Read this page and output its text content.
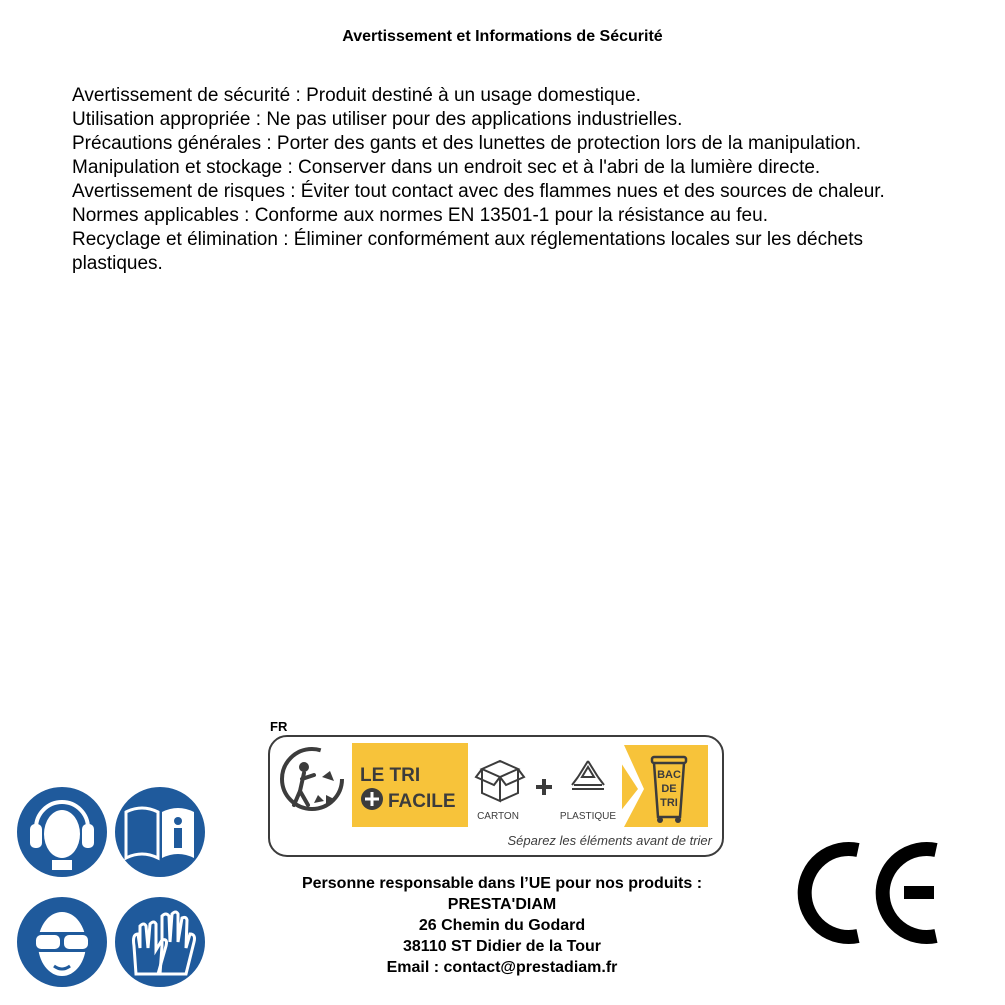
Avertissement et Informations de Sécurité
Avertissement de sécurité : Produit destiné à un usage domestique.
Utilisation appropriée : Ne pas utiliser pour des applications industrielles.
Précautions générales : Porter des gants et des lunettes de protection lors de la manipulation.
Manipulation et stockage : Conserver dans un endroit sec et à l'abri de la lumière directe.
Avertissement de risques : Éviter tout contact avec des flammes nues et des sources de chaleur.
Normes applicables : Conforme aux normes EN 13501-1 pour la résistance au feu.
Recyclage et élimination : Éliminer conformément aux réglementations locales sur les déchets plastiques.
FR
LE TRI
FACILE
CARTON	PLASTIQUE
BAC
DE
TRI
Séparez les éléments avant de trier
Personne responsable dans l’UE pour nos produits :
PRESTA'DIAM
26 Chemin du Godard
38110 ST Didier de la Tour
Email : contact@prestadiam.fr
CE
